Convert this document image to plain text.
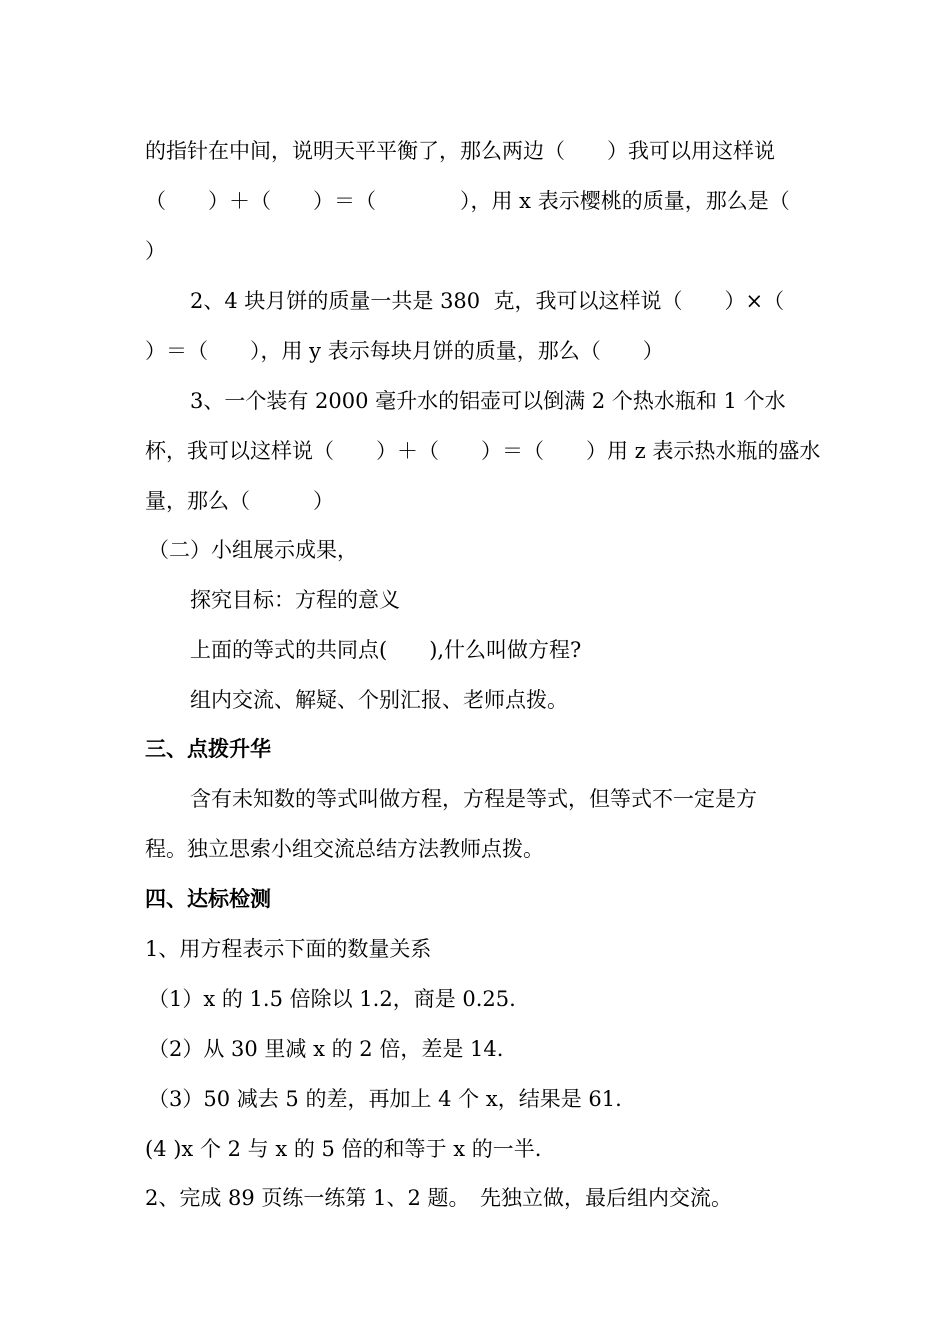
的指针在中间，说明天平平衡了，那么两边（　　）我可以用这样说
（　　）＋（　　）＝（　　　　），用 x 表示樱桃的质量，那么是（
）
2、4 块月饼的质量一共是 380  克，我可以这样说（　　）×（
）＝（　　），用 y 表示每块月饼的质量，那么（　　）
3、一个装有 2000 毫升水的铝壶可以倒满 2 个热水瓶和 1 个水
杯，我可以这样说（　　）＋（　　）＝（　　）用 z 表示热水瓶的盛水
量，那么（　　　）
（二）小组展示成果，
探究目标：方程的意义
上面的等式的共同点(　　),什么叫做方程?
组内交流、解疑、个别汇报、老师点拨。
三、点拨升华
含有未知数的等式叫做方程，方程是等式，但等式不一定是方
程。独立思索小组交流总结方法教师点拨。
四、达标检测
1、用方程表示下面的数量关系
（1）x 的 1.5 倍除以 1.2，商是 0.25.
（2）从 30 里减 x 的 2 倍，差是 14.
（3）50 减去 5 的差，再加上 4 个 x，结果是 61.
(4 )x 个 2 与 x 的 5 倍的和等于 x 的一半.
2、完成 89 页练一练第 1、2 题。　先独立做，最后组内交流。
